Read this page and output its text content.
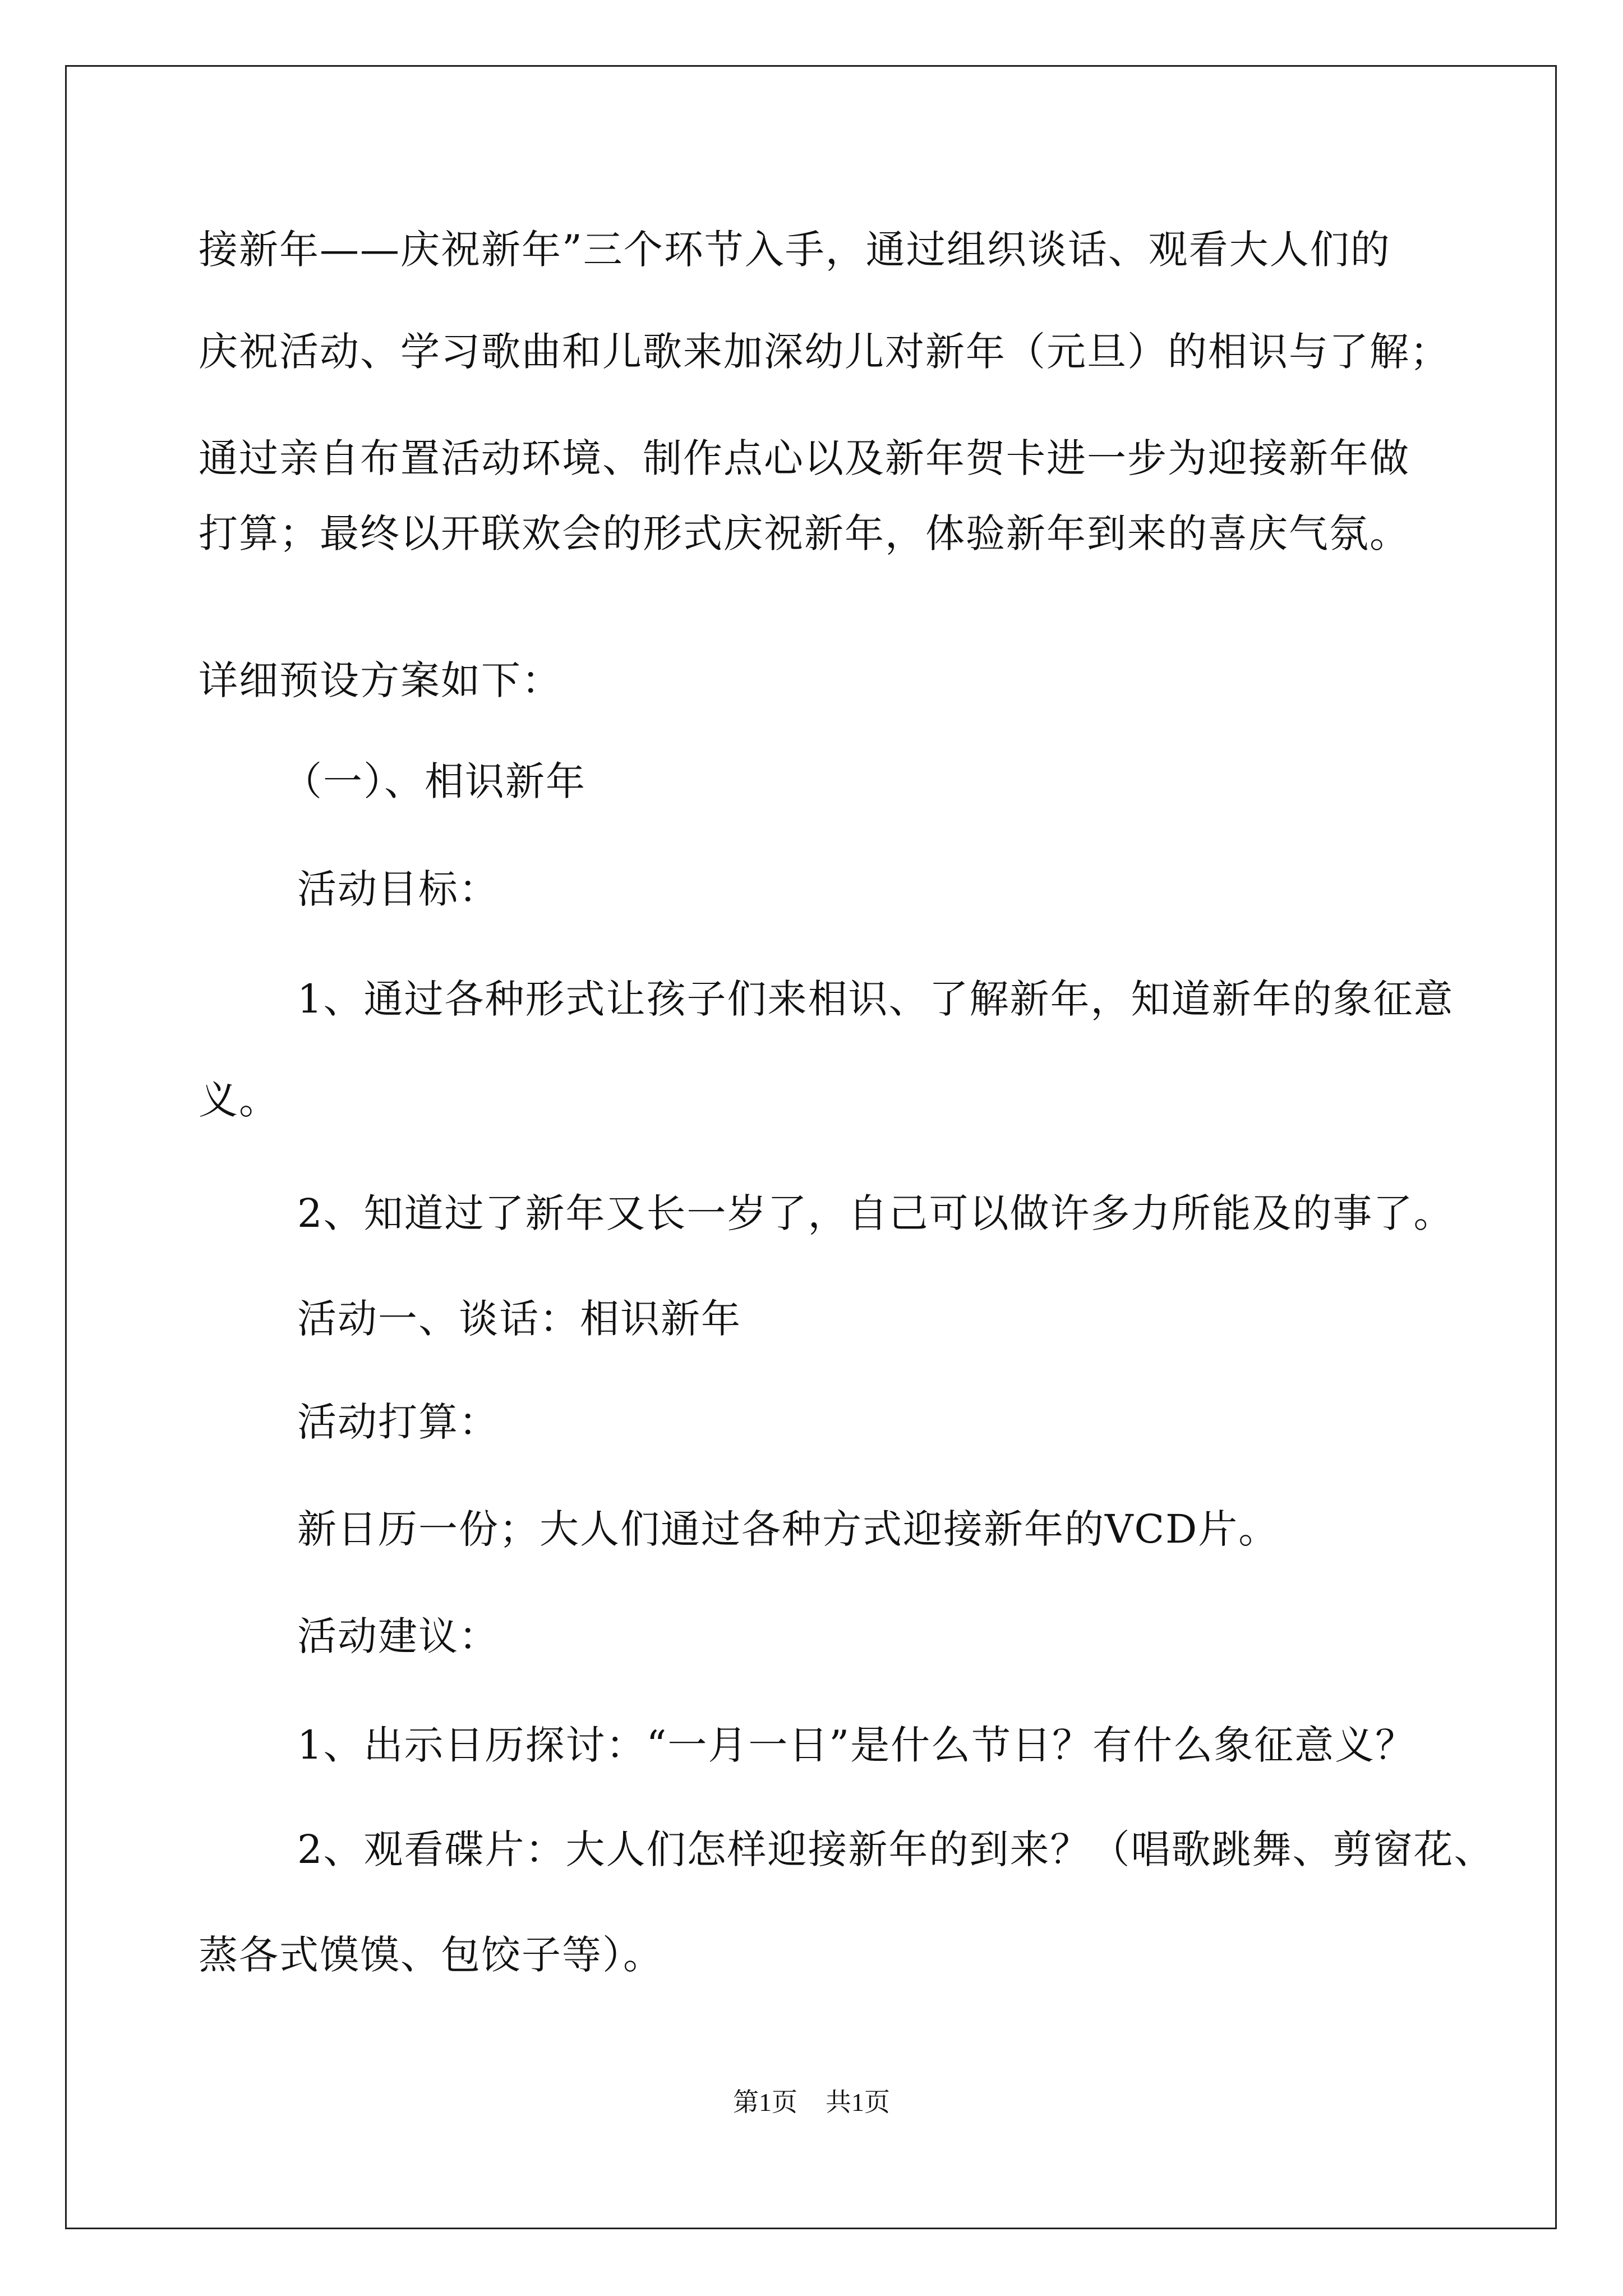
接新年——庆祝新年”三个环节入手，通过组织谈话、观看大人们的
庆祝活动、学习歌曲和儿歌来加深幼儿对新年（元旦）的相识与了解；
通过亲自布置活动环境、制作点心以及新年贺卡进一步为迎接新年做
打算；最终以开联欢会的形式庆祝新年，体验新年到来的喜庆气氛。
详细预设方案如下：
（一）、相识新年
活动目标：
1、通过各种形式让孩子们来相识、了解新年，知道新年的象征意
义。
2、知道过了新年又长一岁了，自己可以做许多力所能及的事了。
活动一、谈话：相识新年
活动打算：
新日历一份；大人们通过各种方式迎接新年的VCD片。
活动建议：
1、出示日历探讨：“一月一日”是什么节日？有什么象征意义？
2、观看碟片：大人们怎样迎接新年的到来？（唱歌跳舞、剪窗花、
蒸各式馍馍、包饺子等）。
第1页 共1页
